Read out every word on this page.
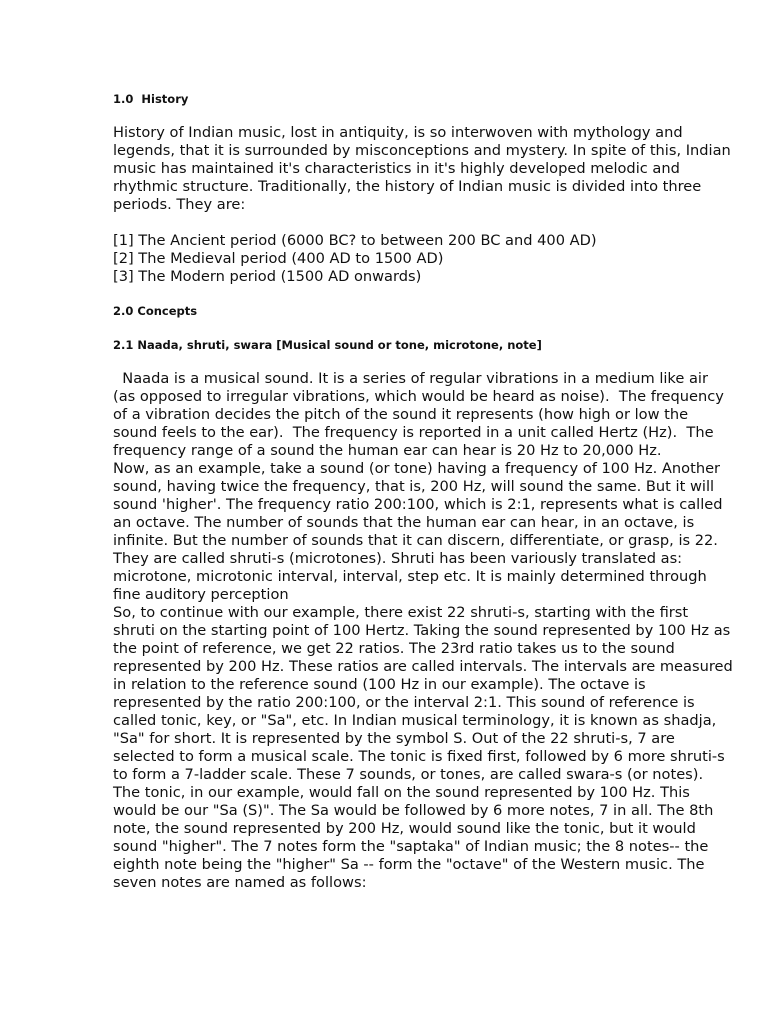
1.0  History

History of Indian music, lost in antiquity, is so interwoven with mythology and legends, that it is surrounded by misconceptions and mystery. In spite of this, Indian music has maintained it's characteristics in it's highly developed melodic and rhythmic structure. Traditionally, the history of Indian music is divided into three periods. They are:

[1] The Ancient period (6000 BC? to between 200 BC and 400 AD)
[2] The Medieval period (400 AD to 1500 AD)
[3] The Modern period (1500 AD onwards)

2.0 Concepts

2.1 Naada, shruti, swara [Musical sound or tone, microtone, note]

Naada is a musical sound. It is a series of regular vibrations in a medium like air (as opposed to irregular vibrations, which would be heard as noise).  The frequency of a vibration decides the pitch of the sound it represents (how high or low the sound feels to the ear).  The frequency is reported in a unit called Hertz (Hz).  The frequency range of a sound the human ear can hear is 20 Hz to 20,000 Hz.

Now, as an example, take a sound (or tone) having a frequency of 100 Hz. Another sound, having twice the frequency, that is, 200 Hz, will sound the same. But it will sound 'higher'. The frequency ratio 200:100, which is 2:1, represents what is called an octave. The number of sounds that the human ear can hear, in an octave, is infinite. But the number of sounds that it can discern, differentiate, or grasp, is 22. They are called shruti-s (microtones). Shruti has been variously translated as: microtone, microtonic interval, interval, step etc. It is mainly determined through fine auditory perception

So, to continue with our example, there exist 22 shruti-s, starting with the first shruti on the starting point of 100 Hertz. Taking the sound represented by 100 Hz as the point of reference, we get 22 ratios. The 23rd ratio takes us to the sound represented by 200 Hz. These ratios are called intervals. The intervals are measured in relation to the reference sound (100 Hz in our example). The octave is represented by the ratio 200:100, or the interval 2:1. This sound of reference is called tonic, key, or "Sa", etc. In Indian musical terminology, it is known as shadja, "Sa" for short. It is represented by the symbol S. Out of the 22 shruti-s, 7 are selected to form a musical scale. The tonic is fixed first, followed by 6 more shruti-s to form a 7-ladder scale. These 7 sounds, or tones, are called swara-s (or notes). The tonic, in our example, would fall on the sound represented by 100 Hz. This would be our "Sa (S)". The Sa would be followed by 6 more notes, 7 in all. The 8th note, the sound represented by 200 Hz, would sound like the tonic, but it would sound "higher". The 7 notes form the "saptaka" of Indian music; the 8 notes-- the eighth note being the "higher" Sa -- form the "octave" of the Western music. The seven notes are named as follows:
